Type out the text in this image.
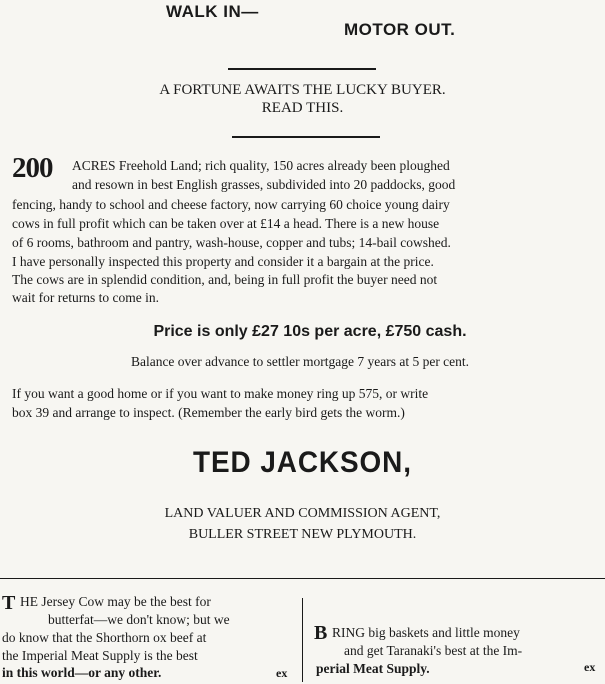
WALK IN—
MOTOR OUT.
A FORTUNE AWAITS THE LUCKY BUYER.
READ THIS.
200 ACRES Freehold Land; rich quality, 150 acres already been ploughed
and resown in best English grasses, subdivided into 20 paddocks, good
fencing, handy to school and cheese factory, now carrying 60 choice young dairy
cows in full profit which can be taken over at £14 a head. There is a new house
of 6 rooms, bathroom and pantry, wash-house, copper and tubs; 14-bail cowshed.
I have personally inspected this property and consider it a bargain at the price.
The cows are in splendid condition, and, being in full profit the buyer need not
wait for returns to come in.
Price is only £27 10s per acre, £750 cash.
Balance over advance to settler mortgage 7 years at 5 per cent.
If you want a good home or if you want to make money ring up 575, or write
box 39 and arrange to inspect. (Remember the early bird gets the worm.)
TED JACKSON,
LAND VALUER AND COMMISSION AGENT,
BULLER STREET NEW PLYMOUTH.
T HE Jersey Cow may be the best for
butterfat—we don't know; but we
do know that the Shorthorn ox beef at
the Imperial Meat Supply is the best
in this world—or any other.	ex
B RING big baskets and little money
and get Taranaki's best at the Im-
perial Meat Supply.	ex
